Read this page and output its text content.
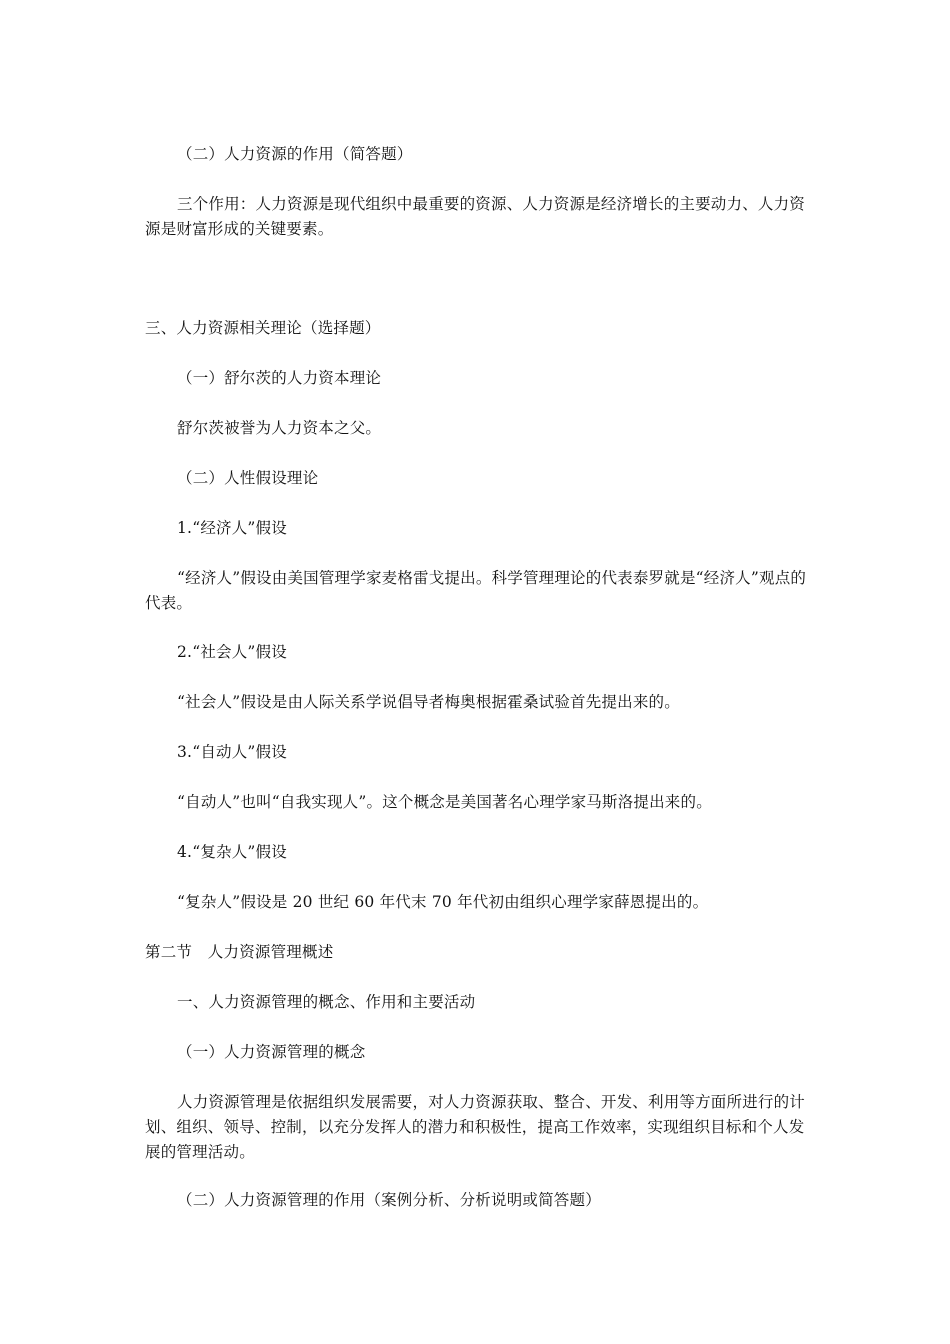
（二）人力资源的作用（简答题）
三个作用：人力资源是现代组织中最重要的资源、人力资源是经济增长的主要动力、人力资源是财富形成的关键要素。
三、人力资源相关理论（选择题）
（一）舒尔茨的人力资本理论
舒尔茨被誉为人力资本之父。
（二）人性假设理论
1.“经济人”假设
“经济人”假设由美国管理学家麦格雷戈提出。科学管理理论的代表泰罗就是“经济人”观点的代表。
2.“社会人”假设
“社会人”假设是由人际关系学说倡导者梅奥根据霍桑试验首先提出来的。
3.“自动人”假设
“自动人”也叫“自我实现人”。这个概念是美国著名心理学家马斯洛提出来的。
4.“复杂人”假设
“复杂人”假设是 20 世纪 60 年代末 70 年代初由组织心理学家薛恩提出的。
第二节　人力资源管理概述
一、人力资源管理的概念、作用和主要活动
（一）人力资源管理的概念
人力资源管理是依据组织发展需要，对人力资源获取、整合、开发、利用等方面所进行的计划、组织、领导、控制，以充分发挥人的潜力和积极性，提高工作效率，实现组织目标和个人发展的管理活动。
（二）人力资源管理的作用（案例分析、分析说明或简答题）
